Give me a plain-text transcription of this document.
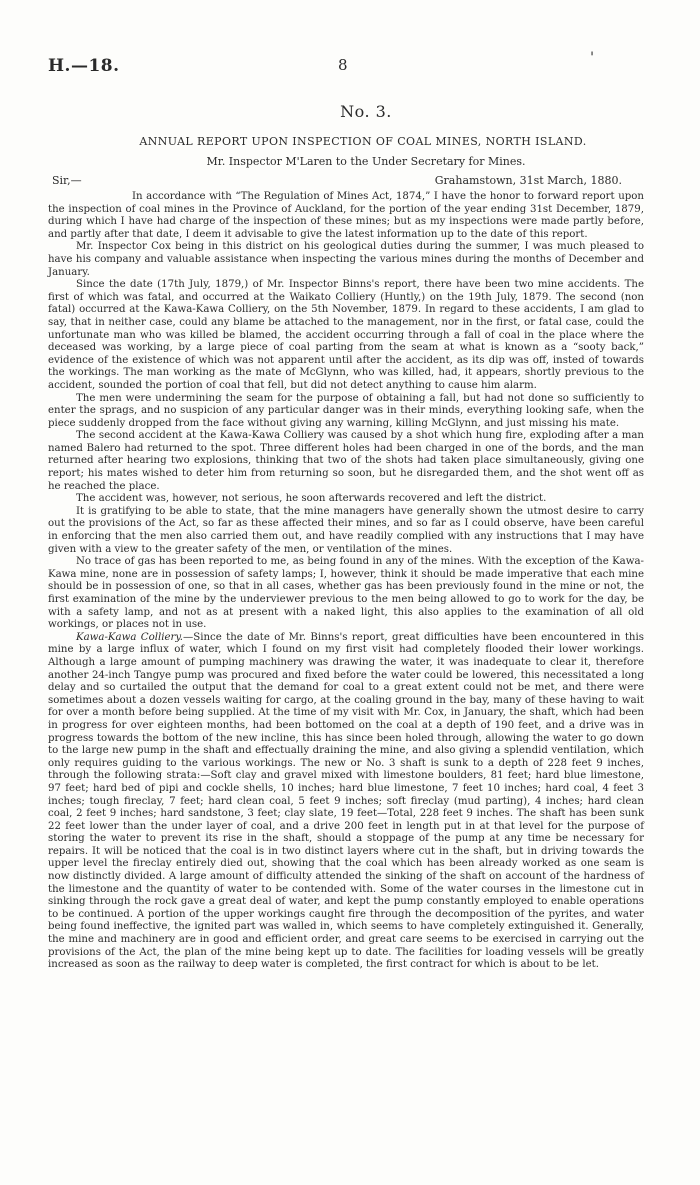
H.—18.	8	'
No. 3.
ANNUAL REPORT UPON INSPECTION OF COAL MINES, NORTH ISLAND.
Mr. Inspector M'Laren to the Under Secretary for Mines.
Sir,—	Grahamstown, 31st March, 1880.

In accordance with “The Regulation of Mines Act, 1874,” I have the honor to forward report upon the inspection of coal mines in the Province of Auckland, for the portion of the year ending 31st December, 1879, during which I have had charge of the inspection of these mines; but as my inspections were made partly before, and partly after that date, I deem it advisable to give the latest information up to the date of this report.

Mr. Inspector Cox being in this district on his geological duties during the summer, I was much pleased to have his company and valuable assistance when inspecting the various mines during the months of December and January.

Since the date (17th July, 1879,) of Mr. Inspector Binns's report, there have been two mine accidents. The first of which was fatal, and occurred at the Waikato Colliery (Huntly,) on the 19th July, 1879. The second (non fatal) occurred at the Kawa-Kawa Colliery, on the 5th November, 1879. In regard to these accidents, I am glad to say, that in neither case, could any blame be attached to the management, nor in the first, or fatal case, could the unfortunate man who was killed be blamed, the accident occurring through a fall of coal in the place where the deceased was working, by a large piece of coal parting from the seam at what is known as a “sooty back,” evidence of the existence of which was not apparent until after the accident, as its dip was off, insted of towards the workings. The man working as the mate of McGlynn, who was killed, had, it appears, shortly previous to the accident, sounded the portion of coal that fell, but did not detect anything to cause him alarm.

The men were undermining the seam for the purpose of obtaining a fall, but had not done so sufficiently to enter the sprags, and no suspicion of any particular danger was in their minds, everything looking safe, when the piece suddenly dropped from the face without giving any warning, killing McGlynn, and just missing his mate.

The second accident at the Kawa-Kawa Colliery was caused by a shot which hung fire, exploding after a man named Balero had returned to the spot. Three different holes had been charged in one of the bords, and the man returned after hearing two explosions, thinking that two of the shots had taken place simultaneously, giving one report; his mates wished to deter him from returning so soon, but he disregarded them, and the shot went off as he reached the place.

The accident was, however, not serious, he soon afterwards recovered and left the district.

It is gratifying to be able to state, that the mine managers have generally shown the utmost desire to carry out the provisions of the Act, so far as these affected their mines, and so far as I could observe, have been careful in enforcing that the men also carried them out, and have readily complied with any instructions that I may have given with a view to the greater safety of the men, or ventilation of the mines.

No trace of gas has been reported to me, as being found in any of the mines. With the exception of the Kawa-Kawa mine, none are in possession of safety lamps; I, however, think it should be made imperative that each mine should be in possession of one, so that in all cases, whether gas has been previously found in the mine or not, the first examination of the mine by the underviewer previous to the men being allowed to go to work for the day, be with a safety lamp, and not as at present with a naked light, this also applies to the examination of all old workings, or places not in use.

Kawa-Kawa Colliery.—Since the date of Mr. Binns's report, great difficulties have been encountered in this mine by a large influx of water, which I found on my first visit had completely flooded their lower workings. Although a large amount of pumping machinery was drawing the water, it was inadequate to clear it, therefore another 24-inch Tangye pump was procured and fixed before the water could be lowered, this necessitated a long delay and so curtailed the output that the demand for coal to a great extent could not be met, and there were sometimes about a dozen vessels waiting for cargo, at the coaling ground in the bay, many of these having to wait for over a month before being supplied. At the time of my visit with Mr. Cox, in January, the shaft, which had been in progress for over eighteen months, had been bottomed on the coal at a depth of 190 feet, and a drive was in progress towards the bottom of the new incline, this has since been holed through, allowing the water to go down to the large new pump in the shaft and effectually draining the mine, and also giving a splendid ventilation, which only requires guiding to the various workings. The new or No. 3 shaft is sunk to a depth of 228 feet 9 inches, through the following strata:—Soft clay and gravel mixed with limestone boulders, 81 feet; hard blue limestone, 97 feet; hard bed of pipi and cockle shells, 10 inches; hard blue limestone, 7 feet 10 inches; hard coal, 4 feet 3 inches; tough fireclay, 7 feet; hard clean coal, 5 feet 9 inches; soft fireclay (mud parting), 4 inches; hard clean coal, 2 feet 9 inches; hard sandstone, 3 feet; clay slate, 19 feet—Total, 228 feet 9 inches. The shaft has been sunk 22 feet lower than the under layer of coal, and a drive 200 feet in length put in at that level for the purpose of storing the water to prevent its rise in the shaft, should a stoppage of the pump at any time be necessary for repairs. It will be noticed that the coal is in two distinct layers where cut in the shaft, but in driving towards the upper level the fireclay entirely died out, showing that the coal which has been already worked as one seam is now distinctly divided. A large amount of difficulty attended the sinking of the shaft on account of the hardness of the limestone and the quantity of water to be contended with. Some of the water courses in the limestone cut in sinking through the rock gave a great deal of water, and kept the pump constantly employed to enable operations to be continued. A portion of the upper workings caught fire through the decomposition of the pyrites, and water being found ineffective, the ignited part was walled in, which seems to have completely extinguished it. Generally, the mine and machinery are in good and efficient order, and great care seems to be exercised in carrying out the provisions of the Act, the plan of the mine being kept up to date. The facilities for loading vessels will be greatly increased as soon as the railway to deep water is completed, the first contract for which is about to be let.
